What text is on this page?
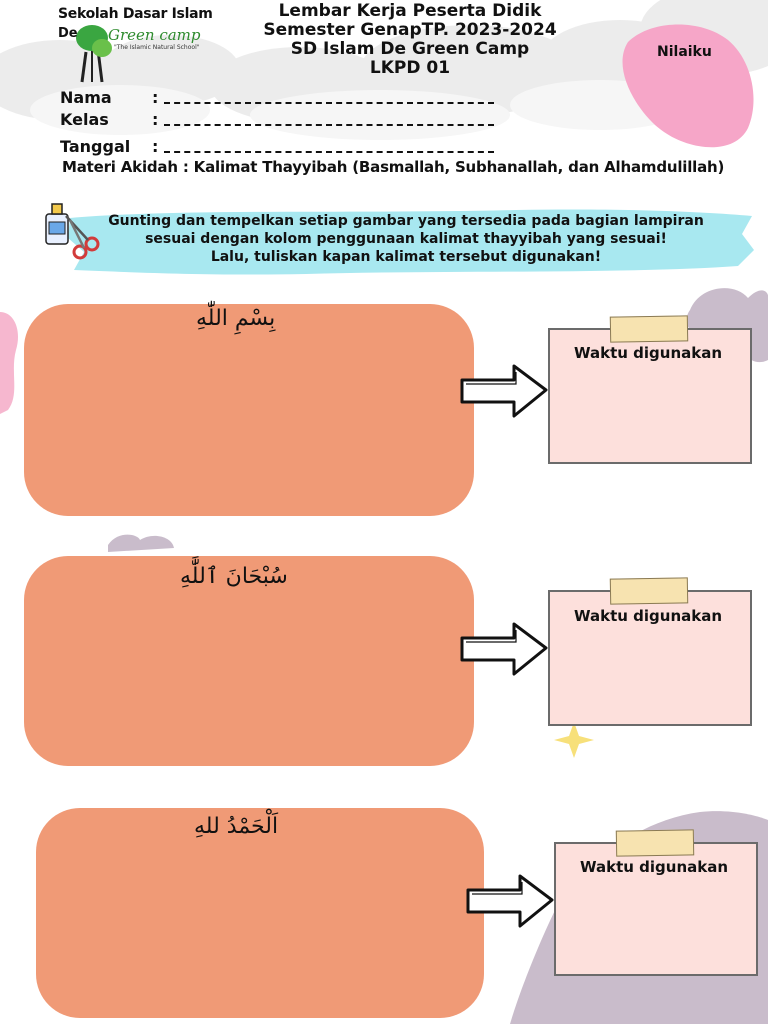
Sekolah Dasar Islam
De Green camp
"The Islamic Natural School"
Lembar Kerja Peserta Didik
Semester GenapTP. 2023-2024
SD Islam De Green Camp
LKPD 01
Nilaiku
Nama	:
Kelas	:
Tanggal :
Materi Akidah : Kalimat Thayyibah (Basmallah, Subhanallah, dan Alhamdulillah)
Gunting dan tempelkan setiap gambar yang tersedia pada bagian lampiran
sesuai dengan kolom penggunaan kalimat thayyibah yang sesuai!
Lalu, tuliskan kapan kalimat tersebut digunakan!
بِسْمِ اللّٰهِ
Waktu digunakan
سُبْحَانَ ٱللَّٰهِ
Waktu digunakan
اَلْحَمْدُ للهِ
Waktu digunakan
